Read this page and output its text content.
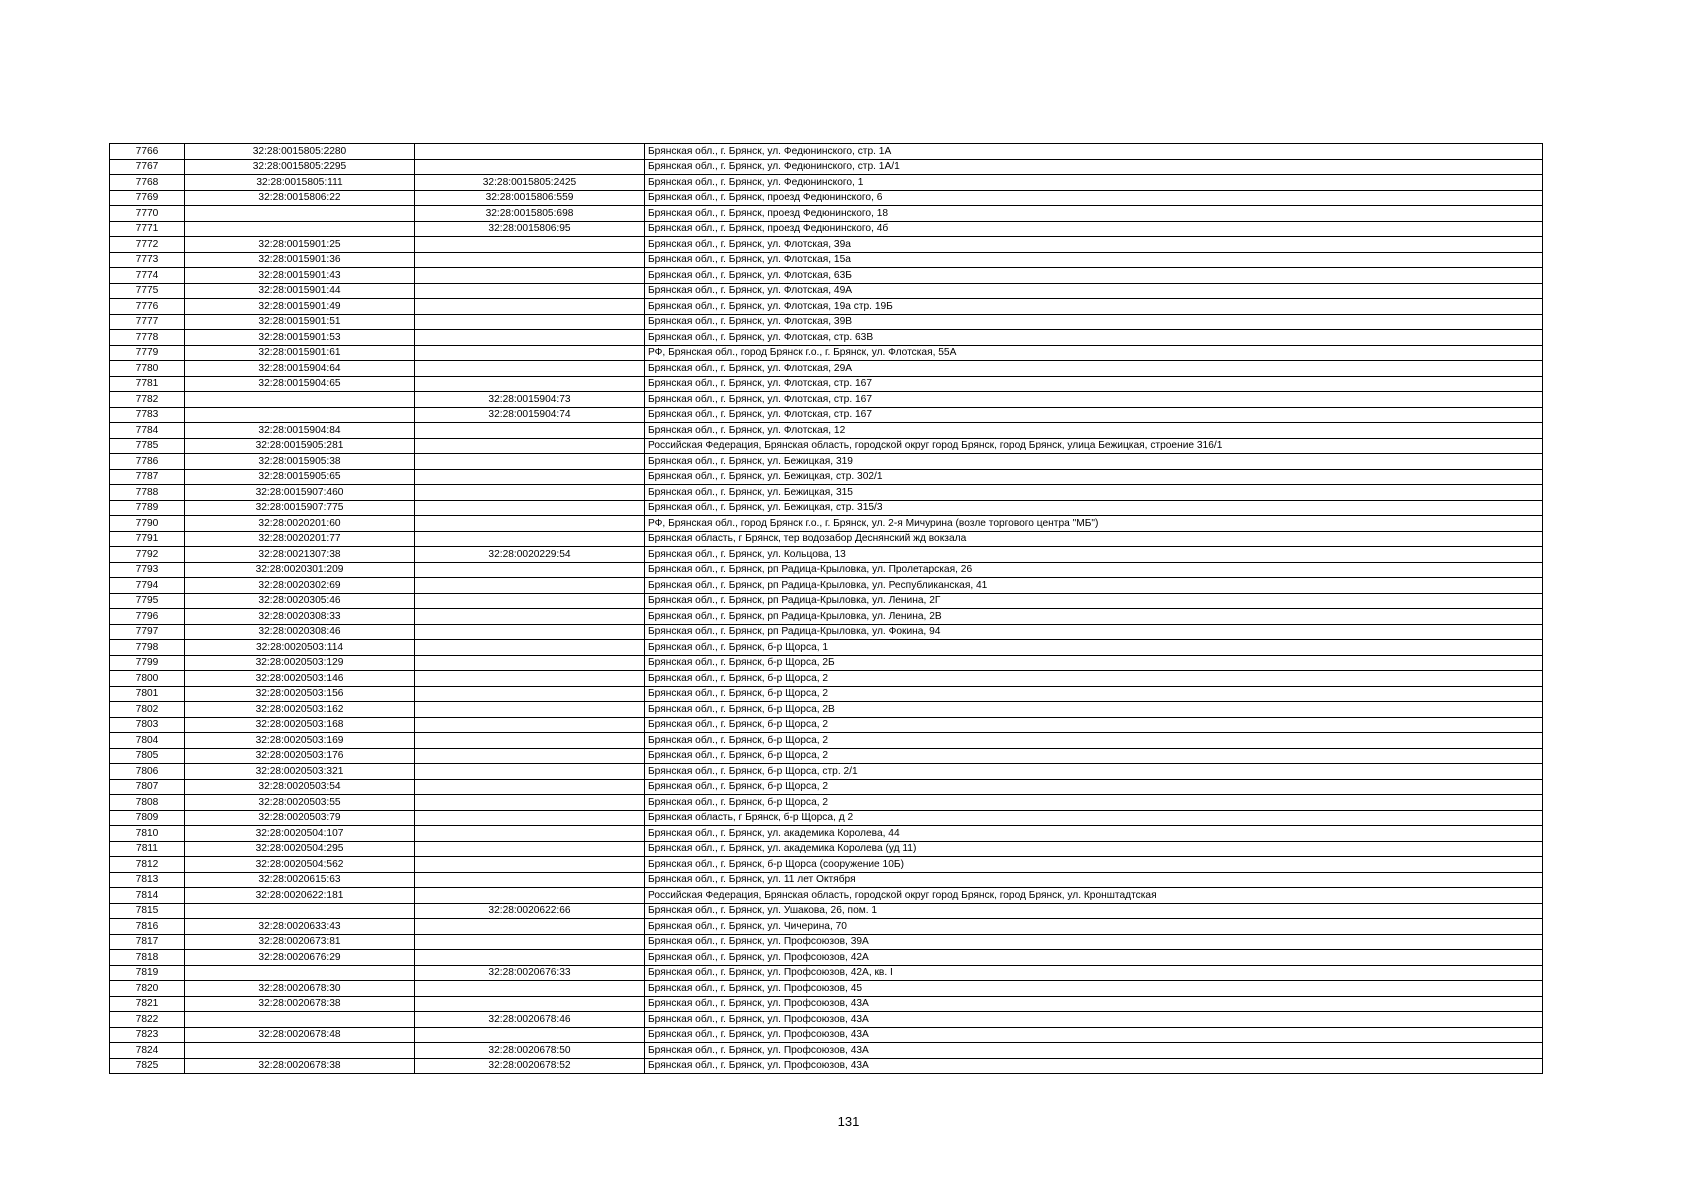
7766	32:28:0015805:2280		Брянская обл., г. Брянск, ул. Федюнинского, стр. 1А
7767	32:28:0015805:2295		Брянская обл., г. Брянск, ул. Федюнинского, стр. 1А/1
7768	32:28:0015805:111	32:28:0015805:2425	Брянская обл., г. Брянск, ул. Федюнинского, 1
7769	32:28:0015806:22	32:28:0015806:559	Брянская обл., г. Брянск, проезд Федюнинского, 6
7770		32:28:0015805:698	Брянская обл., г. Брянск, проезд Федюнинского, 18
7771		32:28:0015806:95	Брянская обл., г. Брянск, проезд Федюнинского, 4б
7772	32:28:0015901:25		Брянская обл., г. Брянск, ул. Флотская, 39а
7773	32:28:0015901:36		Брянская обл., г. Брянск, ул. Флотская, 15а
7774	32:28:0015901:43		Брянская обл., г. Брянск, ул. Флотская, 63Б
7775	32:28:0015901:44		Брянская обл., г. Брянск, ул. Флотская, 49А
7776	32:28:0015901:49		Брянская обл., г. Брянск, ул. Флотская, 19а стр. 19Б
7777	32:28:0015901:51		Брянская обл., г. Брянск, ул. Флотская, 39В
7778	32:28:0015901:53		Брянская обл., г. Брянск, ул. Флотская, стр. 63В
7779	32:28:0015901:61		РФ, Брянская обл., город Брянск г.о., г. Брянск, ул. Флотская, 55А
7780	32:28:0015904:64		Брянская обл., г. Брянск, ул. Флотская, 29А
7781	32:28:0015904:65		Брянская обл., г. Брянск, ул. Флотская, стр. 167
7782		32:28:0015904:73	Брянская обл., г. Брянск, ул. Флотская, стр. 167
7783		32:28:0015904:74	Брянская обл., г. Брянск, ул. Флотская, стр. 167
7784	32:28:0015904:84		Брянская обл., г. Брянск, ул. Флотская, 12
7785	32:28:0015905:281		Российская Федерация, Брянская область, городской округ город Брянск, город Брянск, улица Бежицкая, строение 316/1
7786	32:28:0015905:38		Брянская обл., г. Брянск, ул. Бежицкая, 319
7787	32:28:0015905:65		Брянская обл., г. Брянск, ул. Бежицкая, стр. 302/1
7788	32:28:0015907:460		Брянская обл., г. Брянск, ул. Бежицкая, 315
7789	32:28:0015907:775		Брянская обл., г. Брянск, ул. Бежицкая, стр. 315/3
7790	32:28:0020201:60		РФ, Брянская обл., город Брянск г.о., г. Брянск, ул. 2-я Мичурина (возле торгового центра "МБ")
7791	32:28:0020201:77		Брянская область, г Брянск, тер водозабор Деснянский жд вокзала
7792	32:28:0021307:38	32:28:0020229:54	Брянская обл., г. Брянск, ул. Кольцова, 13
7793	32:28:0020301:209		Брянская обл., г. Брянск, рп Радица-Крыловка, ул. Пролетарская, 26
7794	32:28:0020302:69		Брянская обл., г. Брянск, рп Радица-Крыловка, ул. Республиканская, 41
7795	32:28:0020305:46		Брянская обл., г. Брянск, рп Радица-Крыловка, ул. Ленина, 2Г
7796	32:28:0020308:33		Брянская обл., г. Брянск, рп Радица-Крыловка, ул. Ленина, 2В
7797	32:28:0020308:46		Брянская обл., г. Брянск, рп Радица-Крыловка, ул. Фокина, 94
7798	32:28:0020503:114		Брянская обл., г. Брянск, б-р Щорса, 1
7799	32:28:0020503:129		Брянская обл., г. Брянск, б-р Щорса, 2Б
7800	32:28:0020503:146		Брянская обл., г. Брянск, б-р Щорса, 2
7801	32:28:0020503:156		Брянская обл., г. Брянск, б-р Щорса, 2
7802	32:28:0020503:162		Брянская обл., г. Брянск, б-р Щорса, 2В
7803	32:28:0020503:168		Брянская обл., г. Брянск, б-р Щорса, 2
7804	32:28:0020503:169		Брянская обл., г. Брянск, б-р Щорса, 2
7805	32:28:0020503:176		Брянская обл., г. Брянск, б-р Щорса, 2
7806	32:28:0020503:321		Брянская обл., г. Брянск, б-р Щорса, стр. 2/1
7807	32:28:0020503:54		Брянская обл., г. Брянск, б-р Щорса, 2
7808	32:28:0020503:55		Брянская обл., г. Брянск, б-р Щорса, 2
7809	32:28:0020503:79		Брянская область, г Брянск, б-р Щорса, д 2
7810	32:28:0020504:107		Брянская обл., г. Брянск, ул. академика Королева, 44
7811	32:28:0020504:295		Брянская обл., г. Брянск, ул. академика Королева (уд 11)
7812	32:28:0020504:562		Брянская обл., г. Брянск, б-р Щорса (сооружение 10Б)
7813	32:28:0020615:63		Брянская обл., г. Брянск, ул. 11 лет Октября
7814	32:28:0020622:181		Российская Федерация, Брянская область, городской округ город Брянск, город Брянск, ул. Кронштадтская
7815		32:28:0020622:66	Брянская обл., г. Брянск, ул. Ушакова, 26, пом. 1
7816	32:28:0020633:43		Брянская обл., г. Брянск, ул. Чичерина, 70
7817	32:28:0020673:81		Брянская обл., г. Брянск, ул. Профсоюзов, 39А
7818	32:28:0020676:29		Брянская обл., г. Брянск, ул. Профсоюзов, 42А
7819		32:28:0020676:33	Брянская обл., г. Брянск, ул. Профсоюзов, 42А, кв. I
7820	32:28:0020678:30		Брянская обл., г. Брянск, ул. Профсоюзов, 45
7821	32:28:0020678:38		Брянская обл., г. Брянск, ул. Профсоюзов, 43А
7822		32:28:0020678:46	Брянская обл., г. Брянск, ул. Профсоюзов, 43А
7823	32:28:0020678:48		Брянская обл., г. Брянск, ул. Профсоюзов, 43А
7824		32:28:0020678:50	Брянская обл., г. Брянск, ул. Профсоюзов, 43А
7825	32:28:0020678:38	32:28:0020678:52	Брянская обл., г. Брянск, ул. Профсоюзов, 43А
131
